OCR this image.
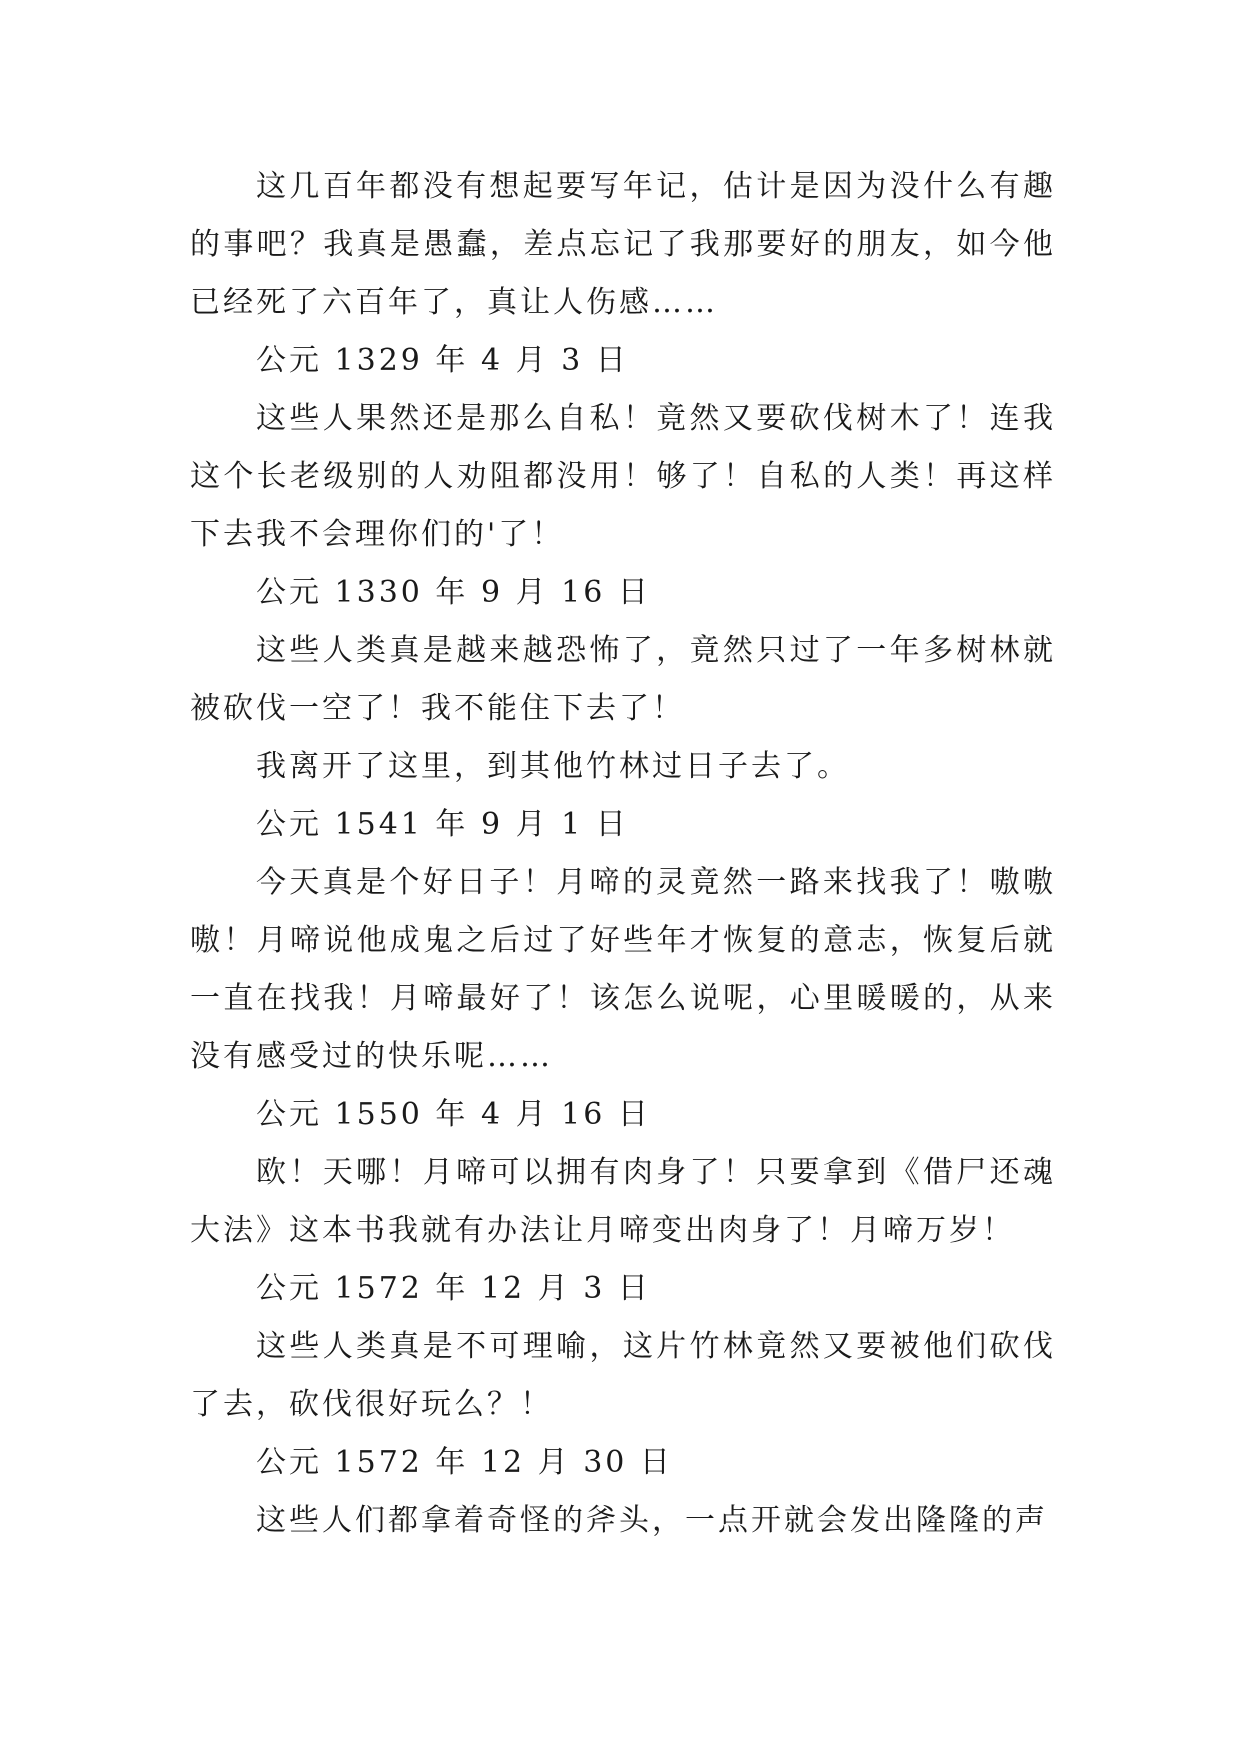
这几百年都没有想起要写年记，估计是因为没什么有趣的事吧？我真是愚蠢，差点忘记了我那要好的朋友，如今他已经死了六百年了，真让人伤感……

公元 1329 年 4 月 3 日

这些人果然还是那么自私！竟然又要砍伐树木了！连我这个长老级别的人劝阻都没用！够了！自私的人类！再这样下去我不会理你们的'了！

公元 1330 年 9 月 16 日

这些人类真是越来越恐怖了，竟然只过了一年多树林就被砍伐一空了！我不能住下去了！

我离开了这里，到其他竹林过日子去了。

公元 1541 年 9 月 1 日

今天真是个好日子！月啼的灵竟然一路来找我了！嗷嗷嗷！月啼说他成鬼之后过了好些年才恢复的意志，恢复后就一直在找我！月啼最好了！该怎么说呢，心里暖暖的，从来没有感受过的快乐呢……

公元 1550 年 4 月 16 日

欧！天哪！月啼可以拥有肉身了！只要拿到《借尸还魂大法》这本书我就有办法让月啼变出肉身了！月啼万岁！

公元 1572 年 12 月 3 日

这些人类真是不可理喻，这片竹林竟然又要被他们砍伐了去，砍伐很好玩么？！

公元 1572 年 12 月 30 日

这些人们都拿着奇怪的斧头，一点开就会发出隆隆的声
